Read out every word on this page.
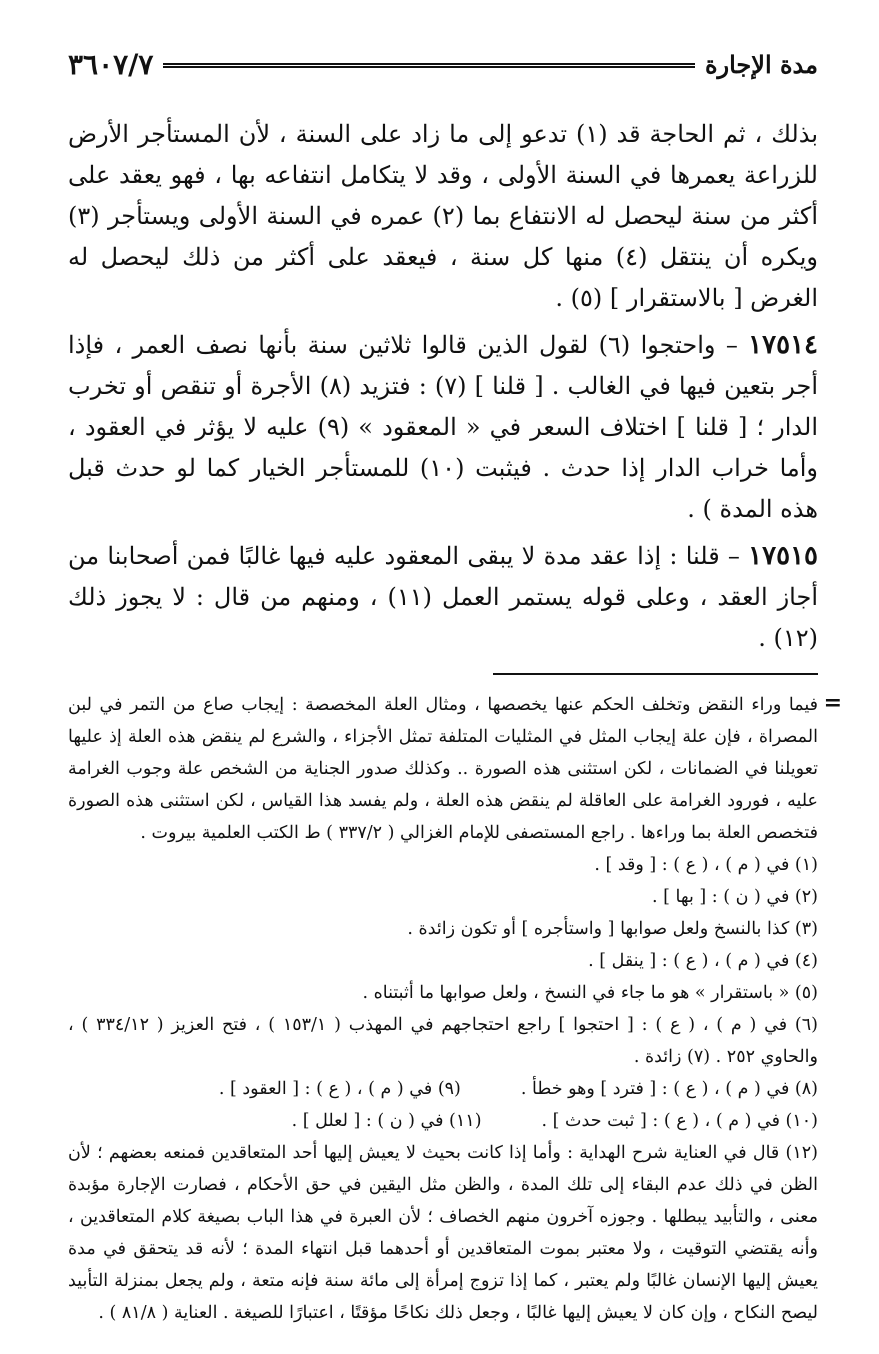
مدة الإجارة
٣٦٠٧/٧

بذلك ، ثم الحاجة قد (١) تدعو إلى ما زاد على السنة ، لأن المستأجر الأرض للزراعة يعمرها في السنة الأولى ، وقد لا يتكامل انتفاعه بها ، فهو يعقد على أكثر من سنة ليحصل له الانتفاع بما (٢) عمره في السنة الأولى ويستأجر (٣) ويكره أن ينتقل (٤) منها كل سنة ، فيعقد على أكثر من ذلك ليحصل له الغرض [ بالاستقرار ] (٥) .

١٧٥١٤ – واحتجوا (٦) لقول الذين قالوا ثلاثين سنة بأنها نصف العمر ، فإذا أجر بتعين فيها في الغالب . [ قلنا ] (٧) : فتزيد (٨) الأجرة أو تنقص أو تخرب الدار ؛ [ قلنا ] اختلاف السعر في « المعقود » (٩) عليه لا يؤثر في العقود ، وأما خراب الدار إذا حدث . فيثبت (١٠) للمستأجر الخيار كما لو حدث قبل هذه المدة ) .

١٧٥١٥ – قلنا : إذا عقد مدة لا يبقى المعقود عليه فيها غالبًا فمن أصحابنا من أجاز العقد ، وعلى قوله يستمر العمل (١١) ، ومنهم من قال : لا يجوز ذلك (١٢) .

=

فيما وراء النقض وتخلف الحكم عنها يخصصها ، ومثال العلة المخصصة : إيجاب صاع من التمر في لبن المصراة ، فإن علة إيجاب المثل في المثليات المتلفة تمثل الأجزاء ، والشرع لم ينقض هذه العلة إذ عليها تعويلنا في الضمانات ، لكن استثنى هذه الصورة .. وكذلك صدور الجناية من الشخص علة وجوب الغرامة عليه ، فورود الغرامة على العاقلة لم ينقض هذه العلة ، ولم يفسد هذا القياس ، لكن استثنى هذه الصورة فتخصص العلة بما وراءها . راجع المستصفى للإمام الغزالي ( ٣٣٧/٢ ) ط الكتب العلمية بيروت .

(١) في ( م ) ، ( ع ) : [ وقد ] .

(٢) في ( ن ) : [ بها ] .

(٣) كذا بالنسخ ولعل صوابها [ واستأجره ] أو تكون زائدة .

(٤) في ( م ) ، ( ع ) : [ ينقل ] .

(٥) « باستقرار » هو ما جاء في النسخ ، ولعل صوابها ما أثبتناه .

(٦) في ( م ) ، ( ع ) : [ احتجوا ] راجع احتجاجهم في المهذب ( ١٥٣/١ ) ، فتح العزيز ( ٣٣٤/١٢ ) ، والحاوي ٢٥٢ . (٧) زائدة .

(٨) في ( م ) ، ( ع ) : [ فترد ] وهو خطأ .
(٩) في ( م ) ، ( ع ) : [ العقود ] .
(١٠) في ( م ) ، ( ع ) : [ ثبت حدث ] .
(١١) في ( ن ) : [ لعلل ] .

(١٢) قال في العناية شرح الهداية : وأما إذا كانت بحيث لا يعيش إليها أحد المتعاقدين فمنعه بعضهم ؛ لأن الظن في ذلك عدم البقاء إلى تلك المدة ، والظن مثل اليقين في حق الأحكام ، فصارت الإجارة مؤبدة معنى ، والتأبيد يبطلها . وجوزه آخرون منهم الخصاف ؛ لأن العبرة في هذا الباب بصيغة كلام المتعاقدين ، وأنه يقتضي التوقيت ، ولا معتبر بموت المتعاقدين أو أحدهما قبل انتهاء المدة ؛ لأنه قد يتحقق في مدة يعيش إليها الإنسان غالبًا ولم يعتبر ، كما إذا تزوج إمرأة إلى مائة سنة فإنه متعة ، ولم يجعل بمنزلة التأبيد ليصح النكاح ، وإن كان لا يعيش إليها غالبًا ، وجعل ذلك نكاحًا مؤقتًا ، اعتبارًا للصيغة . العناية ( ٨١/٨ ) .
